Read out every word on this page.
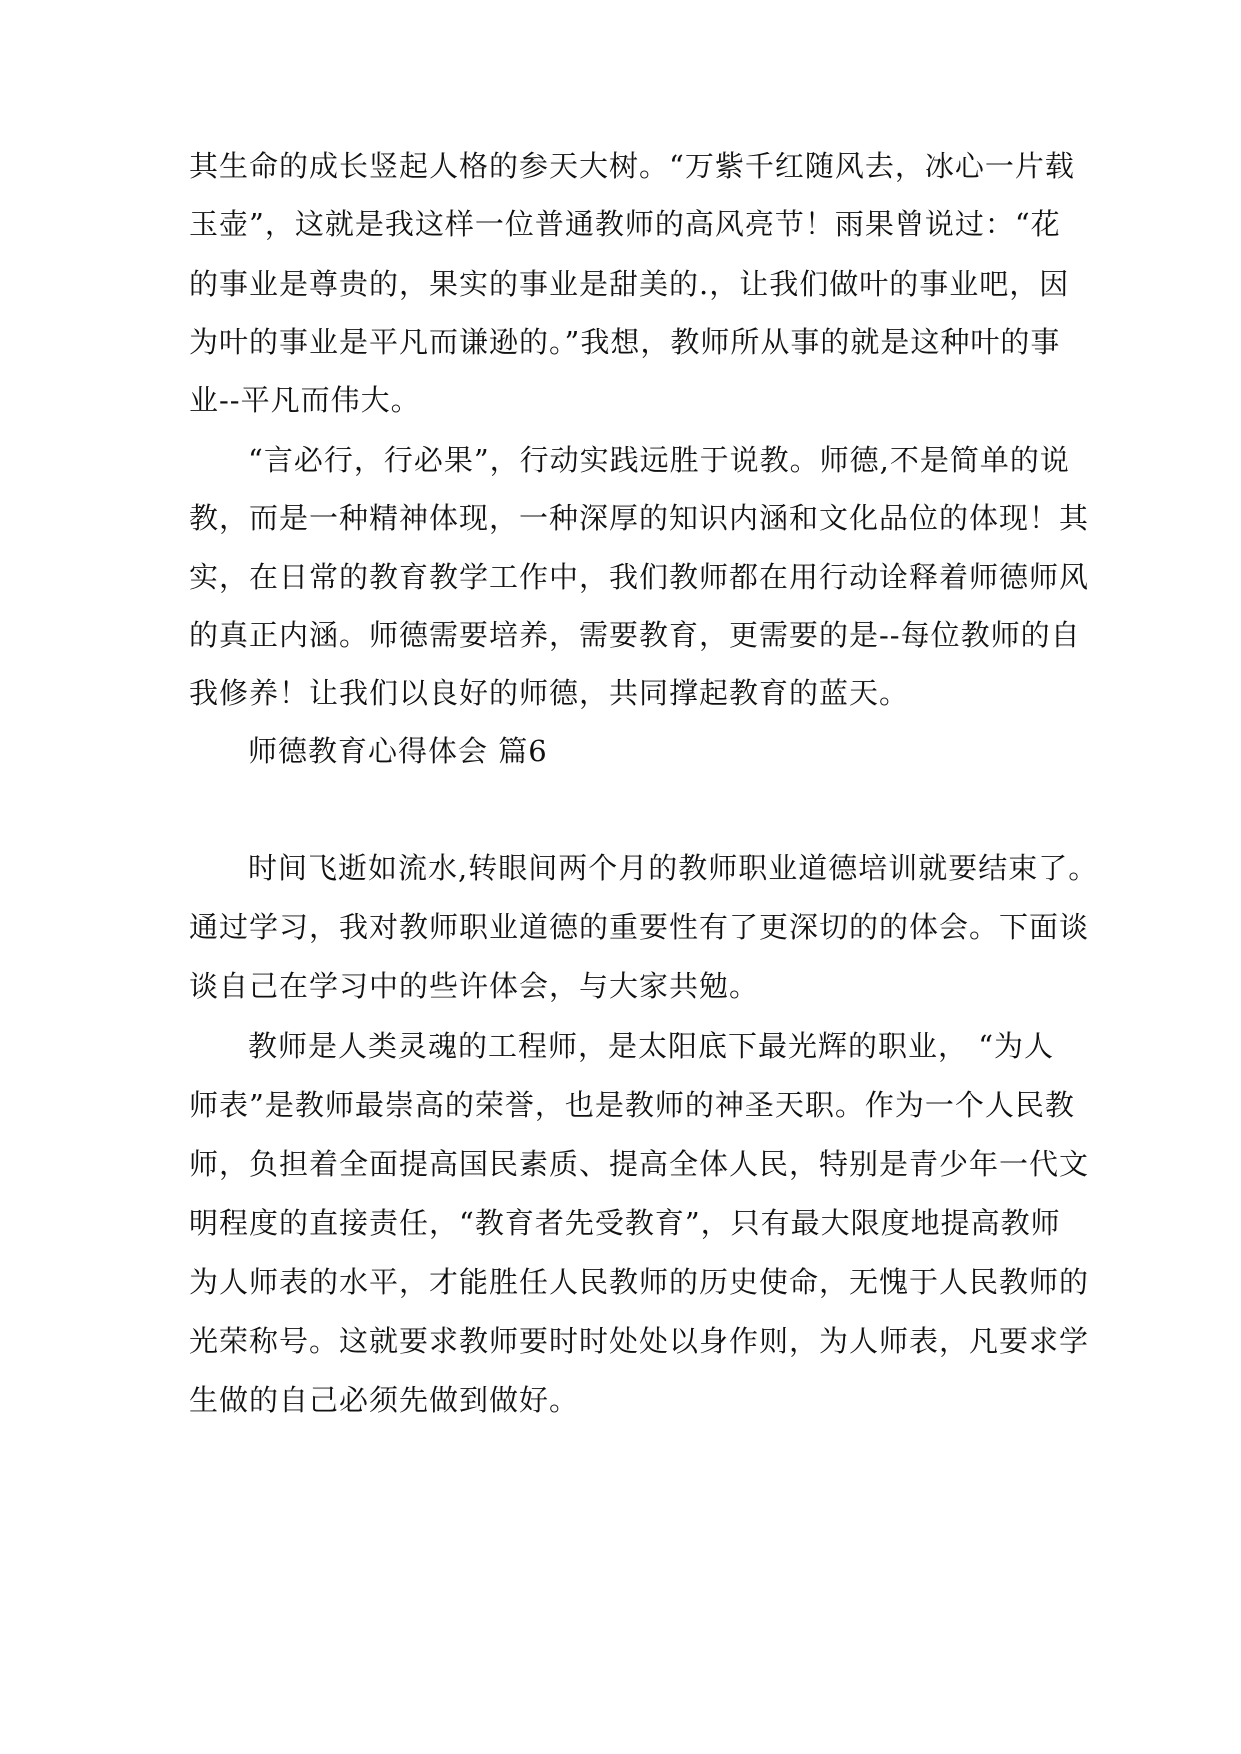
其生命的成长竖起人格的参天大树。“万紫千红随风去，冰心一片载
玉壶”，这就是我这样一位普通教师的高风亮节！雨果曾说过：“花
的事业是尊贵的，果实的事业是甜美的.，让我们做叶的事业吧，因
为叶的事业是平凡而谦逊的。”我想，教师所从事的就是这种叶的事
业--平凡而伟大。
“言必行，行必果”，行动实践远胜于说教。师德,不是简单的说
教，而是一种精神体现，一种深厚的知识内涵和文化品位的体现！其
实，在日常的教育教学工作中，我们教师都在用行动诠释着师德师风
的真正内涵。师德需要培养，需要教育，更需要的是--每位教师的自
我修养！让我们以良好的师德，共同撑起教育的蓝天。
师德教育心得体会 篇6
时间飞逝如流水,转眼间两个月的教师职业道德培训就要结束了。
通过学习，我对教师职业道德的重要性有了更深切的的体会。下面谈
谈自己在学习中的些许体会，与大家共勉。
教师是人类灵魂的工程师，是太阳底下最光辉的职业， “为人
师表”是教师最崇高的荣誉，也是教师的神圣天职。作为一个人民教
师，负担着全面提高国民素质、提高全体人民，特别是青少年一代文
明程度的直接责任，“教育者先受教育”，只有最大限度地提高教师
为人师表的水平，才能胜任人民教师的历史使命，无愧于人民教师的
光荣称号。这就要求教师要时时处处以身作则，为人师表，凡要求学
生做的自己必须先做到做好。
